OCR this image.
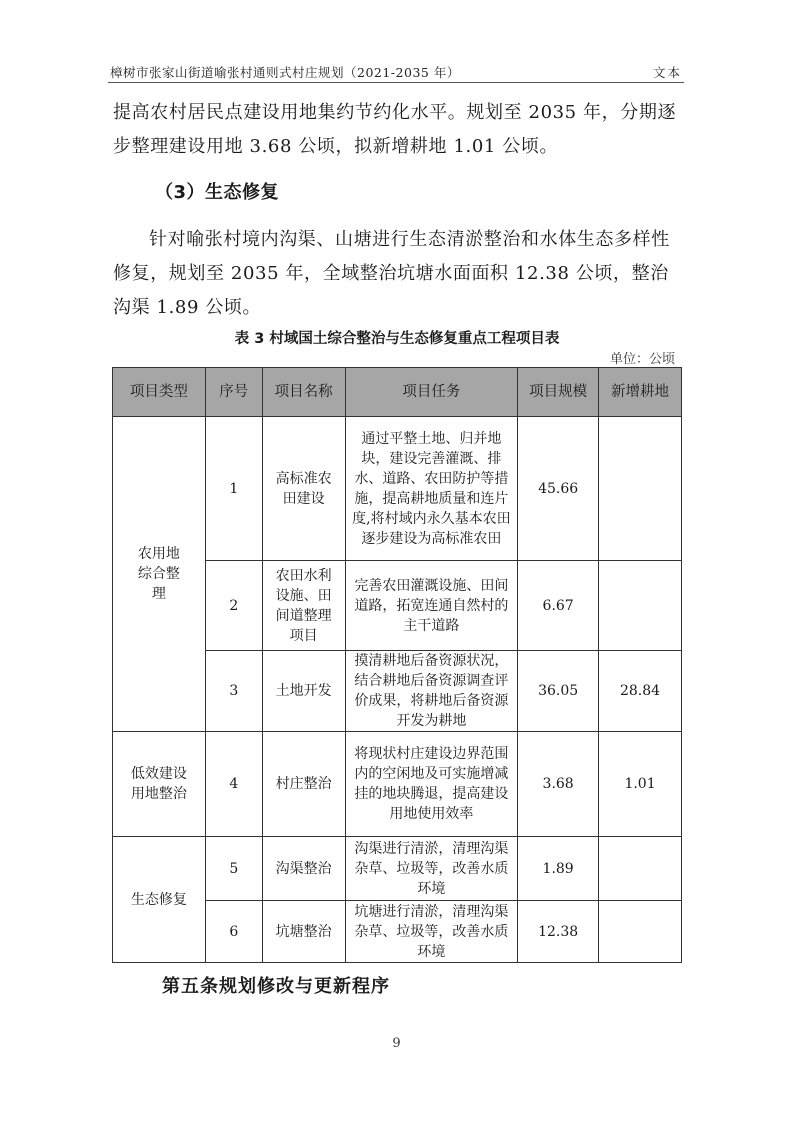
樟树市张家山街道喻张村通则式村庄规划（2021-2035 年）	文本
提高农村居民点建设用地集约节约化水平。规划至 2035 年，分期逐步整理建设用地 3.68 公顷，拟新增耕地 1.01 公顷。
（3）生态修复
针对喻张村境内沟渠、山塘进行生态清淤整治和水体生态多样性修复，规划至 2035 年，全域整治坑塘水面面积 12.38 公顷，整治沟渠 1.89 公顷。
表 3 村域国土综合整治与生态修复重点工程项目表
单位：公顷
项目类型	序号	项目名称	项目任务	项目规模	新增耕地
农用地综合整理	1	高标准农田建设	通过平整土地、归并地块，建设完善灌溉、排水、道路、农田防护等措施，提高耕地质量和连片度,将村域内永久基本农田逐步建设为高标准农田	45.66	
	2	农田水利设施、田间道整理项目	完善农田灌溉设施、田间道路，拓宽连通自然村的主干道路	6.67	
	3	土地开发	摸清耕地后备资源状况，结合耕地后备资源调查评价成果，将耕地后备资源开发为耕地	36.05	28.84
低效建设用地整治	4	村庄整治	将现状村庄建设边界范围内的空闲地及可实施增减挂的地块腾退，提高建设用地使用效率	3.68	1.01
生态修复	5	沟渠整治	沟渠进行清淤，清理沟渠杂草、垃圾等，改善水质环境	1.89	
	6	坑塘整治	坑塘进行清淤，清理沟渠杂草、垃圾等，改善水质环境	12.38	
第五条规划修改与更新程序
9
